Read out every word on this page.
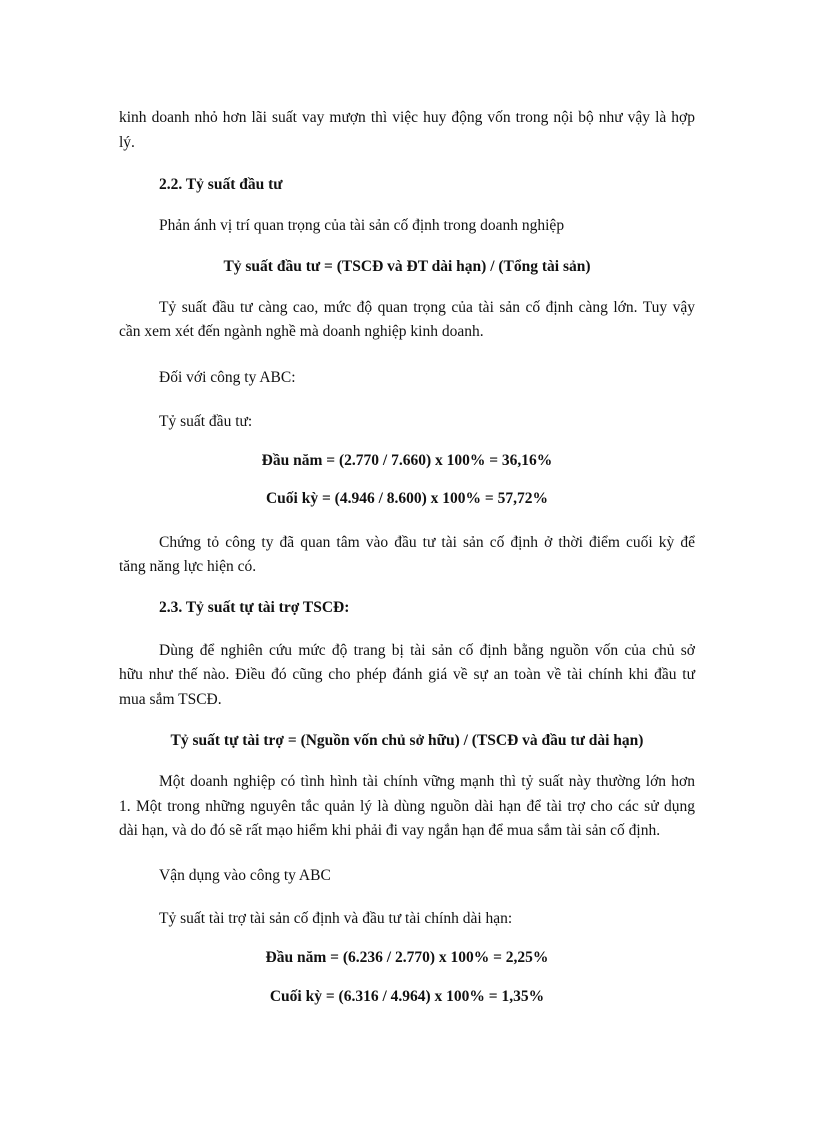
kinh doanh nhỏ hơn lãi suất vay mượn thì việc huy động vốn trong nội bộ như vậy là hợp

lý.

2.2. Tỷ suất đầu tư

Phản ánh vị trí quan trọng của tài sản cố định trong doanh nghiệp

Tỷ suất đầu tư = (TSCĐ và ĐT dài hạn) / (Tổng tài sản)

Tỷ suất đầu tư càng cao, mức độ quan trọng của tài sản cố định càng lớn. Tuy vậy

cần xem xét đến ngành nghề mà doanh nghiệp kinh doanh.

Đối với công ty ABC:

Tỷ suất đầu tư:

Đầu năm = (2.770 / 7.660) x 100% = 36,16%

Cuối kỳ = (4.946 / 8.600) x 100% = 57,72%

Chứng tỏ công ty đã quan tâm vào đầu tư tài sản cố định ở thời điểm cuối kỳ để

tăng năng lực hiện có.

2.3. Tỷ suất tự tài trợ TSCĐ:

Dùng để nghiên cứu mức độ trang bị tài sản cố định bằng nguồn vốn của chủ sở

hữu như thế nào. Điều đó cũng cho phép đánh giá về sự an toàn về tài chính khi đầu tư

mua sắm TSCĐ.

Tỷ suất tự tài trợ = (Nguồn vốn chủ sở hữu) / (TSCĐ và đầu tư dài hạn)

Một doanh nghiệp có tình hình tài chính vững mạnh thì tỷ suất này thường lớn hơn

1. Một trong những nguyên tắc quản lý là dùng nguồn dài hạn để tài trợ cho các sử dụng

dài hạn, và do đó sẽ rất mạo hiểm khi phải đi vay ngắn hạn để mua sắm tài sản cố định.

Vận dụng vào công ty ABC

Tỷ suất tài trợ tài sản cố định và đầu tư tài chính dài hạn:

Đầu năm = (6.236 / 2.770) x 100% = 2,25%

Cuối kỳ = (6.316 / 4.964) x 100% = 1,35%
